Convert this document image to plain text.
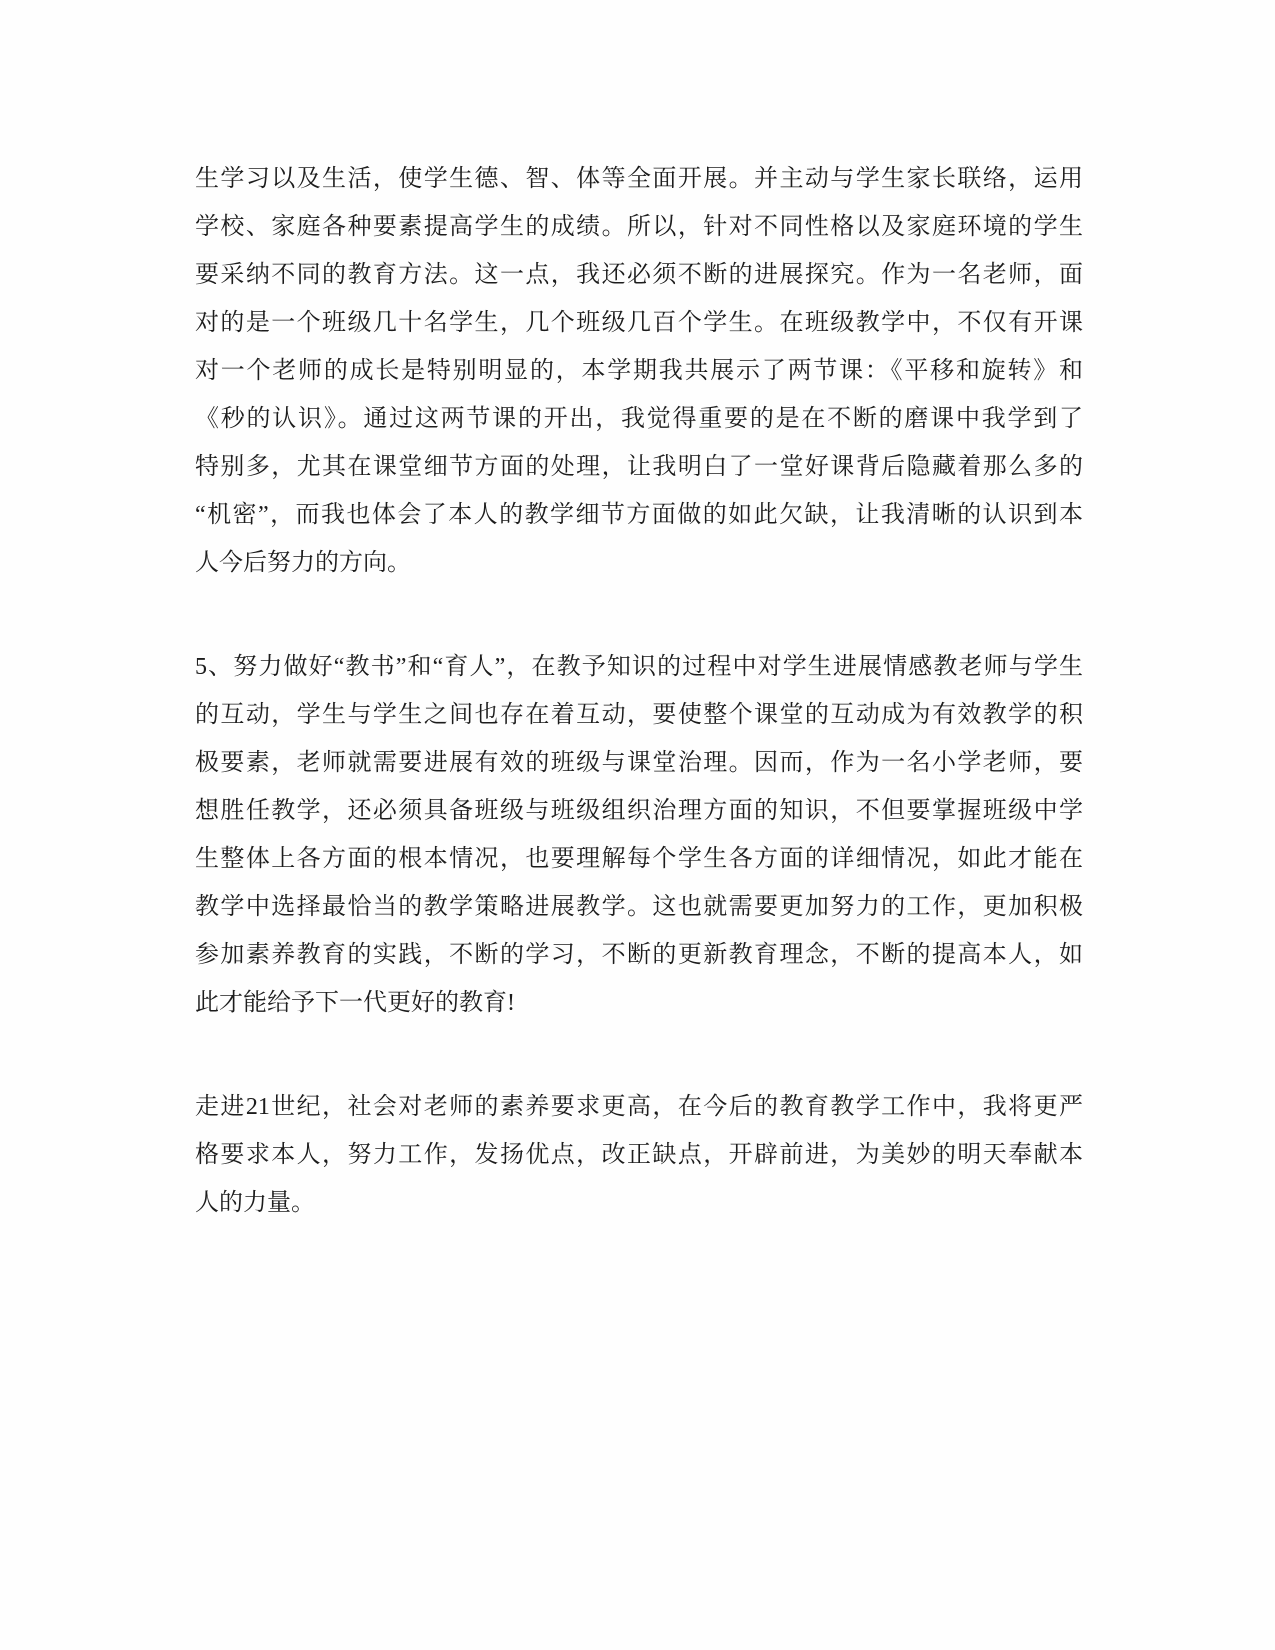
生学习以及生活，使学生德、智、体等全面开展。并主动与学生家长联络，运用
学校、家庭各种要素提高学生的成绩。所以，针对不同性格以及家庭环境的学生
要采纳不同的教育方法。这一点，我还必须不断的进展探究。作为一名老师，面
对的是一个班级几十名学生，几个班级几百个学生。在班级教学中，不仅有开课
对一个老师的成长是特别明显的，本学期我共展示了两节课：《平移和旋转》和
《秒的认识》。通过这两节课的开出，我觉得重要的是在不断的磨课中我学到了
特别多，尤其在课堂细节方面的处理，让我明白了一堂好课背后隐藏着那么多的
“机密”，而我也体会了本人的教学细节方面做的如此欠缺，让我清晰的认识到本
人今后努力的方向。
5、努力做好“教书”和“育人”，在教予知识的过程中对学生进展情感教老师与学生
的互动，学生与学生之间也存在着互动，要使整个课堂的互动成为有效教学的积
极要素，老师就需要进展有效的班级与课堂治理。因而，作为一名小学老师，要
想胜任教学，还必须具备班级与班级组织治理方面的知识，不但要掌握班级中学
生整体上各方面的根本情况，也要理解每个学生各方面的详细情况，如此才能在
教学中选择最恰当的教学策略进展教学。这也就需要更加努力的工作，更加积极
参加素养教育的实践，不断的学习，不断的更新教育理念，不断的提高本人，如
此才能给予下一代更好的教育!
走进21世纪，社会对老师的素养要求更高，在今后的教育教学工作中，我将更严
格要求本人，努力工作，发扬优点，改正缺点，开辟前进，为美妙的明天奉献本
人的力量。
